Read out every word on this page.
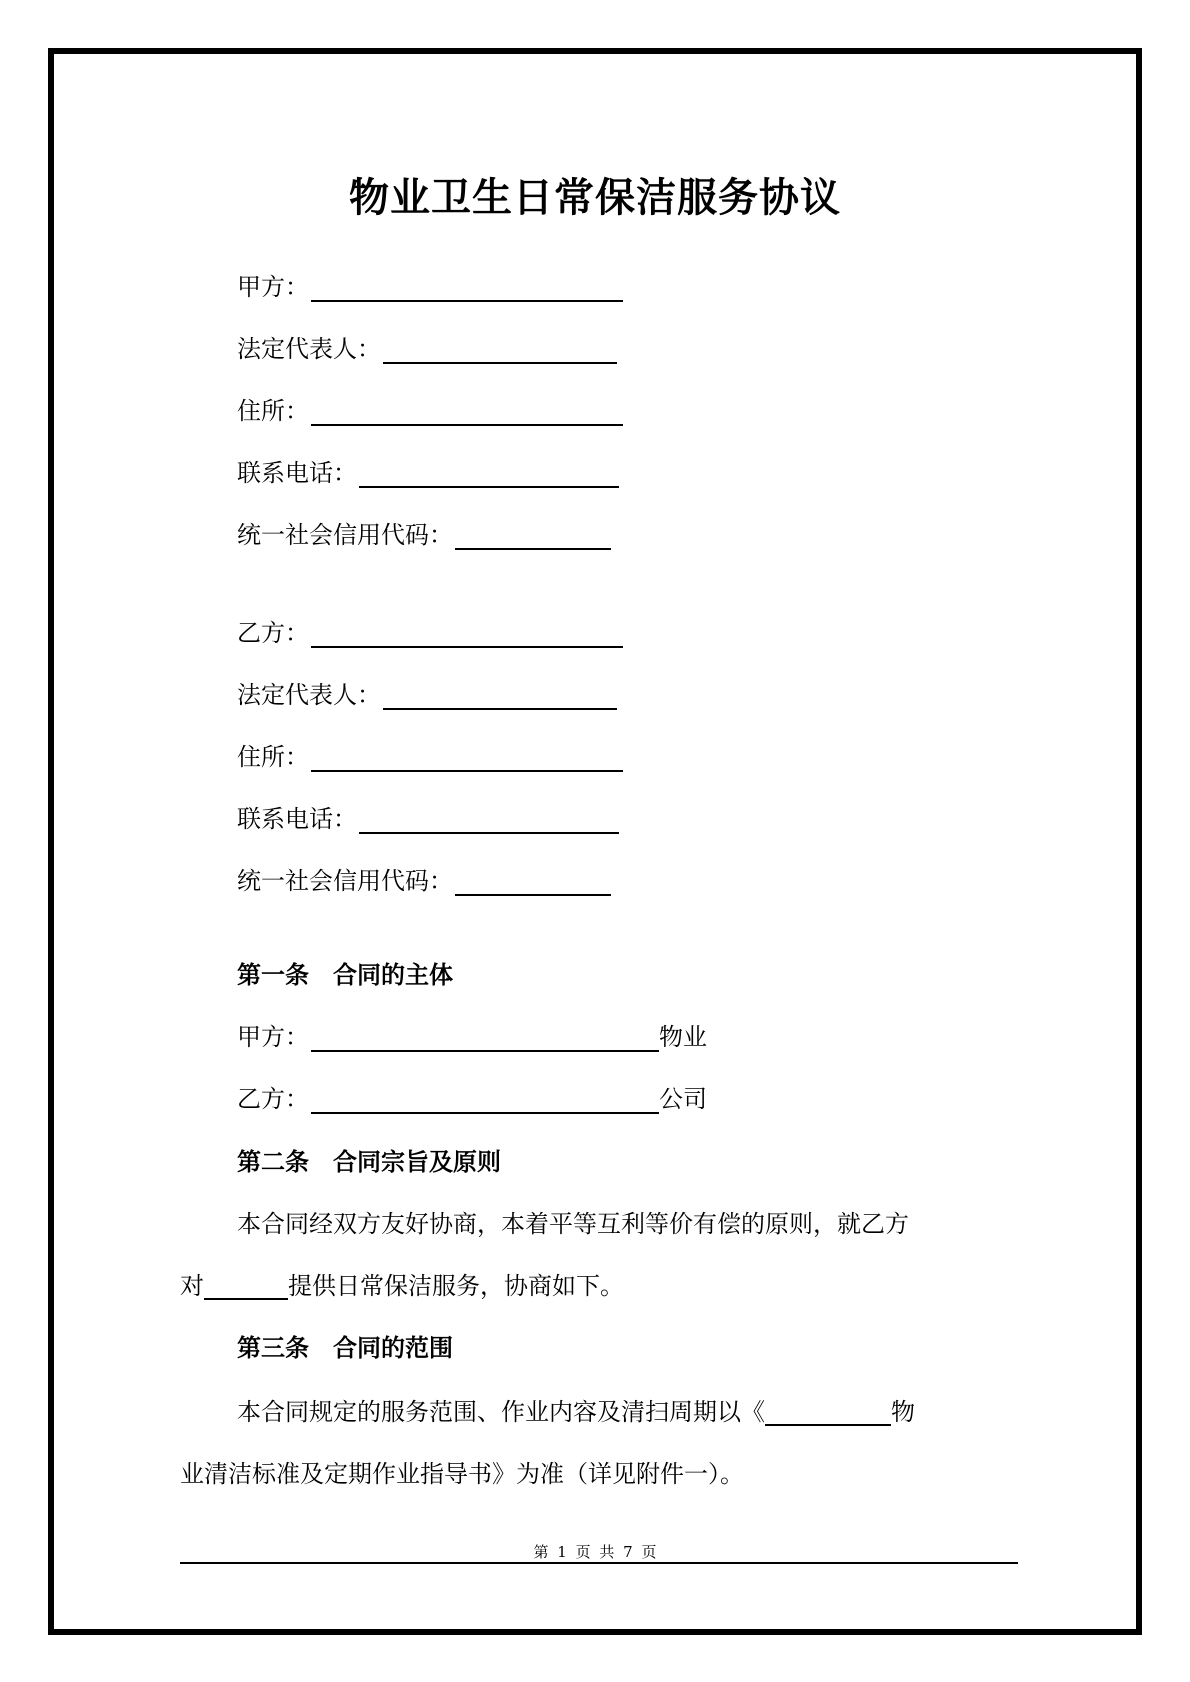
物业卫生日常保洁服务协议
甲方：
法定代表人：
住所：
联系电话：
统一社会信用代码：
乙方：
法定代表人：
住所：
联系电话：
统一社会信用代码：
第一条　合同的主体
甲方：	物业
乙方：	公司
第二条　合同宗旨及原则
本合同经双方友好协商，本着平等互利等价有偿的原则，就乙方
对	提供日常保洁服务，协商如下。
第三条　合同的范围
本合同规定的服务范围、作业内容及清扫周期以《	物
业清洁标准及定期作业指导书》为准（详见附件一）。
第 1 页 共 7 页
